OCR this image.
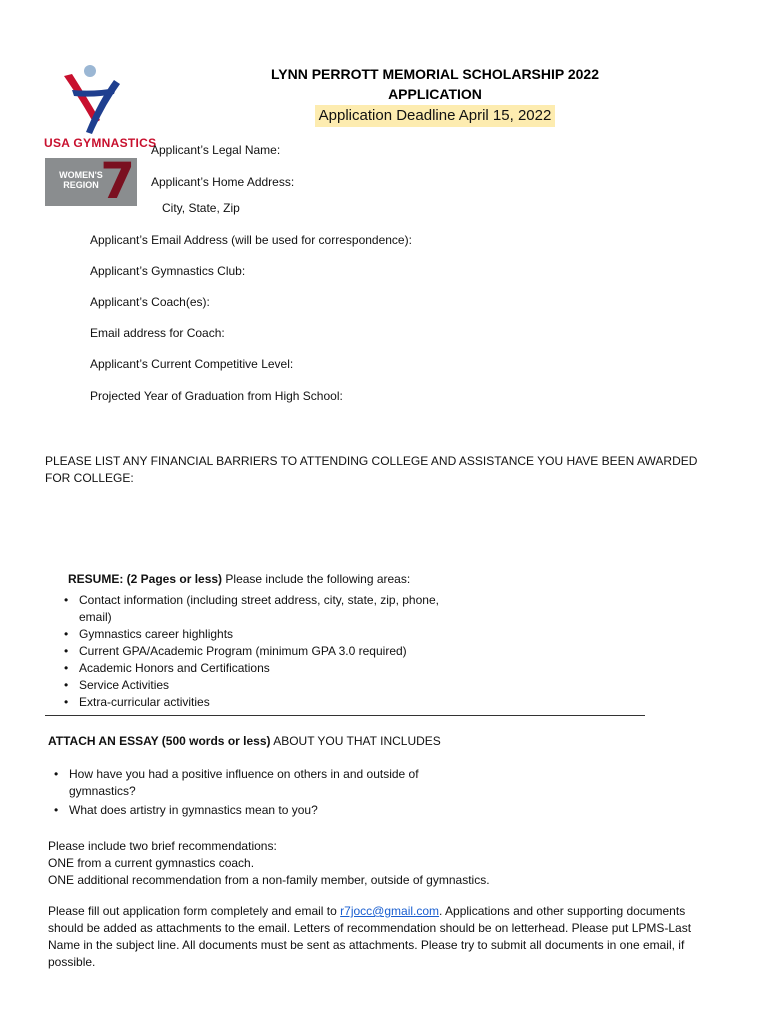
USA GYMNASTICS
WOMEN'S REGION 7
LYNN PERROTT MEMORIAL SCHOLARSHIP 2022
APPLICATION
Application Deadline April 15, 2022
Applicant’s Legal Name:
Applicant’s Home Address:
City, State, Zip
Applicant’s Email Address (will be used for correspondence):
Applicant’s Gymnastics Club:
Applicant’s Coach(es):
Email address for Coach:
Applicant’s Current Competitive Level:
Projected Year of Graduation from High School:
PLEASE LIST ANY FINANCIAL BARRIERS TO ATTENDING COLLEGE AND ASSISTANCE YOU HAVE BEEN AWARDED FOR COLLEGE:
RESUME: (2 Pages or less) Please include the following areas:
• Contact information (including street address, city, state, zip, phone, email)
• Gymnastics career highlights
• Current GPA/Academic Program (minimum GPA 3.0 required)
• Academic Honors and Certifications
• Service Activities
• Extra-curricular activities
ATTACH AN ESSAY (500 words or less) ABOUT YOU THAT INCLUDES
• How have you had a positive influence on others in and outside of gymnastics?
• What does artistry in gymnastics mean to you?
Please include two brief recommendations:
ONE from a current gymnastics coach.
ONE additional recommendation from a non-family member, outside of gymnastics.
Please fill out application form completely and email to r7jocc@gmail.com. Applications and other supporting documents should be added as attachments to the email. Letters of recommendation should be on letterhead. Please put LPMS-Last Name in the subject line. All documents must be sent as attachments. Please try to submit all documents in one email, if possible.
